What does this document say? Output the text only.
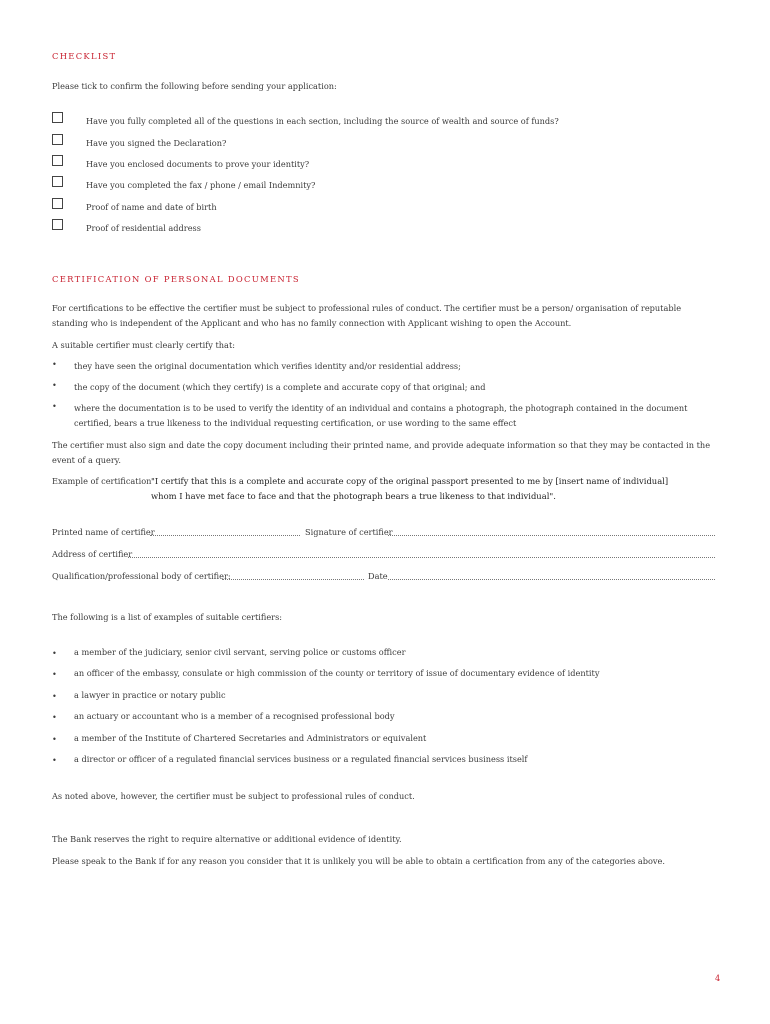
CHECKLIST
Please tick to confirm the following before sending your application:
Have you fully completed all of the questions in each section, including the source of wealth and source of funds?
Have you signed the Declaration?
Have you enclosed documents to prove your identity?
Have you completed the fax / phone / email Indemnity?
Proof of name and date of birth
Proof of residential address
CERTIFICATION OF PERSONAL DOCUMENTS
For certifications to be effective the certifier must be subject to professional rules of conduct. The certifier must be a person/ organisation of reputable standing who is independent of the Applicant and who has no family connection with Applicant wishing to open the Account.
A suitable certifier must clearly certify that:
• they have seen the original documentation which verifies identity and/or residential address;
• the copy of the document (which they certify) is a complete and accurate copy of that original; and
• where the documentation is to be used to verify the identity of an individual and contains a photograph, the photograph contained in the document certified, bears a true likeness to the individual requesting certification, or use wording to the same effect
The certifier must also sign and date the copy document including their printed name, and provide adequate information so that they may be contacted in the event of a query.
Example of certification "I certify that this is a complete and accurate copy of the original passport presented to me by [insert name of individual]
whom I have met face to face and that the photograph bears a true likeness to that individual".
Printed name of certifier	Signature of certifier
Address of certifier
Qualification/professional body of certifier:	Date
The following is a list of examples of suitable certifiers:
• a member of the judiciary, senior civil servant, serving police or customs officer
• an officer of the embassy, consulate or high commission of the county or territory of issue of documentary evidence of identity
• a lawyer in practice or notary public
• an actuary or accountant who is a member of a recognised professional body
• a member of the Institute of Chartered Secretaries and Administrators or equivalent
• a director or officer of a regulated financial services business or a regulated financial services business itself
As noted above, however, the certifier must be subject to professional rules of conduct.
The Bank reserves the right to require alternative or additional evidence of identity.
Please speak to the Bank if for any reason you consider that it is unlikely you will be able to obtain a certification from any of the categories above.
4
